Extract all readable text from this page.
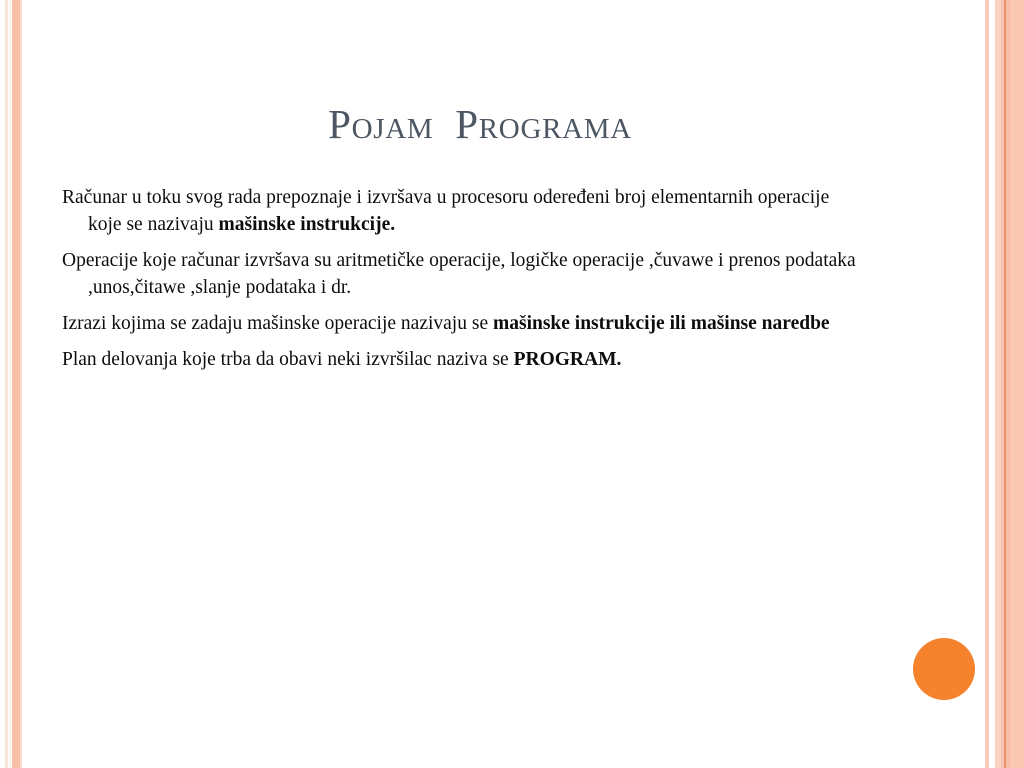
Pojam  Programa

Računar u toku svog rada prepoznaje i izvršava u procesoru odeređeni broj elementarnih operacije koje se nazivaju mašinske instrukcije.

Operacije koje računar izvršava su aritmetičke operacije, logičke operacije ,čuvawe i prenos podataka ,unos,čitawe ,slanje podataka i dr.

Izrazi kojima se zadaju mašinske operacije nazivaju se mašinske instrukcije ili mašinse naredbe

Plan delovanja koje trba da obavi neki izvršilac naziva se PROGRAM.
